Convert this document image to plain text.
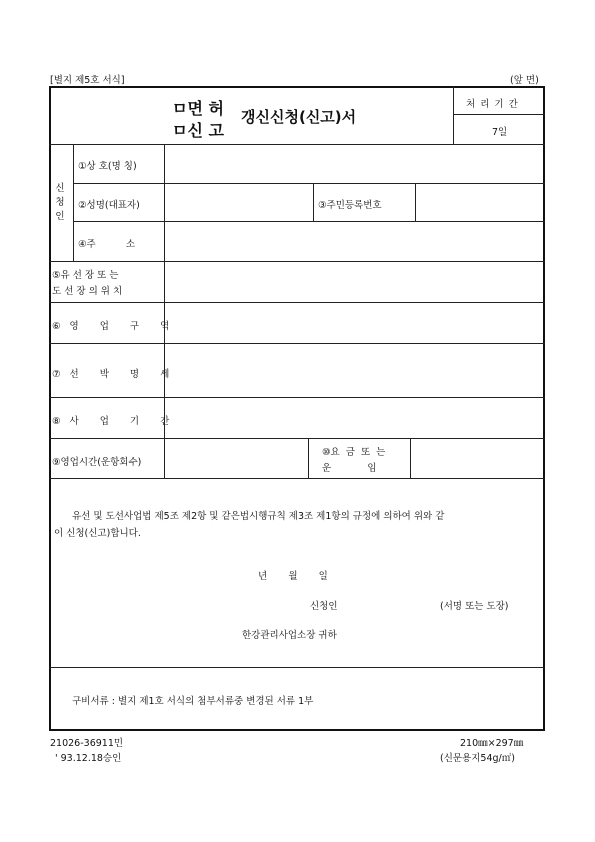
[별지 제5호 서식]	(앞 면)
ㅁ면 허
ㅁ신 고
갱신신청(신고)서
처 리 기 간
7일
신
청
인
①상 호(명 칭)
②성명(대표자)	③주민등록번호
④주          소
⑤유 선 장 또 는
도 선 장 의 위 치
⑥영 업 구 역
⑦선 박 명 세
⑧사 업 기 간
⑨영업시간(운항회수)
⑩요  금  또  는
운            임
유선 및 도선사업법 제5조 제2항 및 같은법시행규칙 제3조 제1항의 규정에 의하여 위와 같
이 신청(신고)합니다.
년       월       일
신청인	(서명 또는 도장)
한강관리사업소장 귀하
구비서류 : 별지 제1호 서식의 첨부서류중 변경된 서류 1부
21026-36911민
' 93.12.18승인
210㎜×297㎜
(신문용지54g/㎡)
